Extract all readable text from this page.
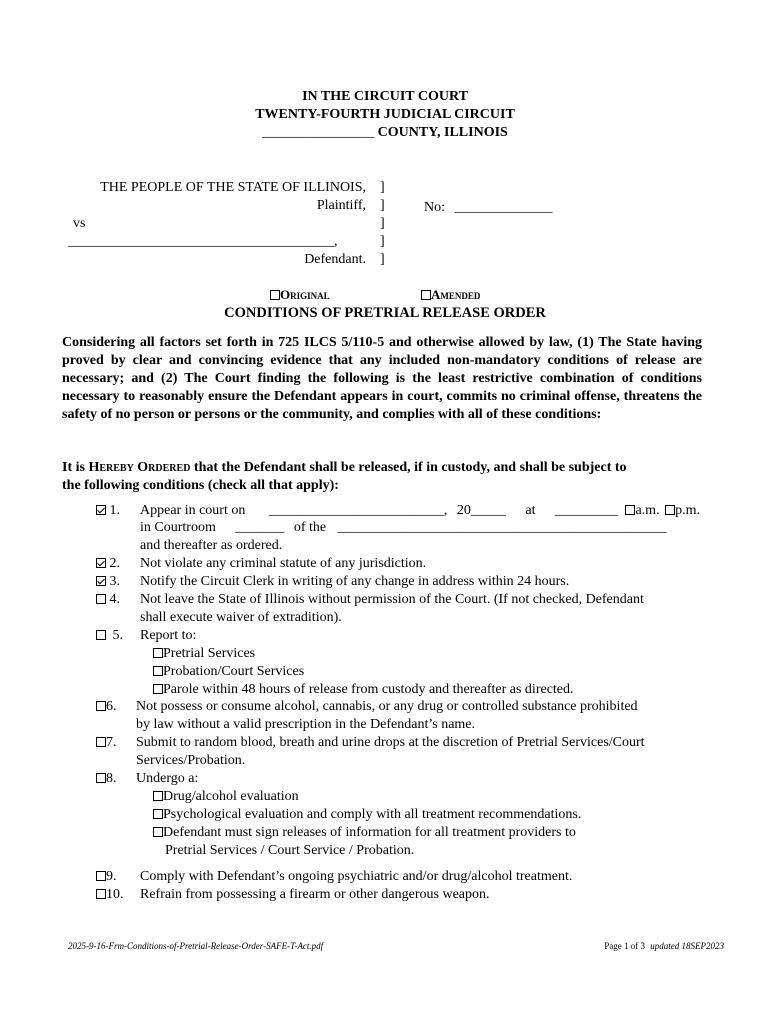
IN THE CIRCUIT COURT
TWENTY-FOURTH JUDICIAL CIRCUIT
________________ COUNTY, ILLINOIS
THE PEOPLE OF THE STATE OF ILLINOIS,
Plaintiff,
vs
______________________________________,
Defendant.
]
]
]
]
]
No: ______________
Original	Amended
CONDITIONS OF PRETRIAL RELEASE ORDER
Considering all factors set forth in 725 ILCS 5/110-5 and otherwise allowed by law, (1) The State having proved by clear and convincing evidence that any included non-mandatory conditions of release are necessary; and (2) The Court finding the following is the least restrictive combination of conditions necessary to reasonably ensure the Defendant appears in court, commits no criminal offense, threatens the safety of no person or persons or the community, and complies with all of these conditions:
It is Hereby Ordered that the Defendant shall be released, if in custody, and shall be subject to
the following conditions (check all that apply):
1. Appear in court on _________________________, 20_____ at _________ a.m. p.m.
in Courtroom _______ of the _______________________________________________
and thereafter as ordered.
2. Not violate any criminal statute of any jurisdiction.
3. Notify the Circuit Clerk in writing of any change in address within 24 hours.
4. Not leave the State of Illinois without permission of the Court. (If not checked, Defendant
shall execute waiver of extradition).
5. Report to:
Pretrial Services
Probation/Court Services
Parole within 48 hours of release from custody and thereafter as directed.
6. Not possess or consume alcohol, cannabis, or any drug or controlled substance prohibited
by law without a valid prescription in the Defendant’s name.
7. Submit to random blood, breath and urine drops at the discretion of Pretrial Services/Court
Services/Probation.
8. Undergo a:
Drug/alcohol evaluation
Psychological evaluation and comply with all treatment recommendations.
Defendant must sign releases of information for all treatment providers to
Pretrial Services / Court Service / Probation.
9. Comply with Defendant’s ongoing psychiatric and/or drug/alcohol treatment.
10. Refrain from possessing a firearm or other dangerous weapon.
2025-9-16-Frm-Conditions-of-Pretrial-Release-Order-SAFE-T-Act.pdf	Page 1 of 3 updated 18SEP2023
